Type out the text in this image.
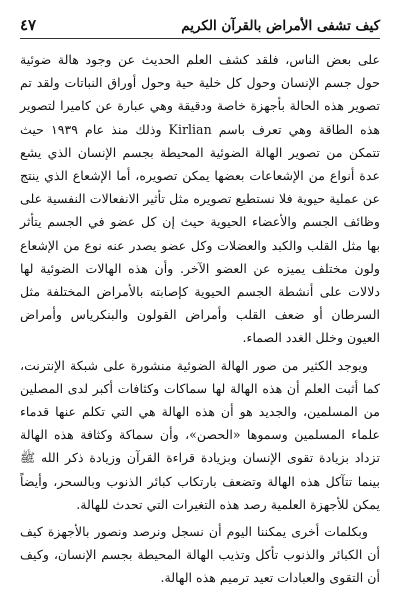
كيف تشفى الأمراض بالقرآن الكريم
٤٧

على بعض الناس، فلقد كشف العلم الحديث عن وجود هالة ضوئية حول جسم الإنسان وحول كل خلية حية وحول أوراق النباتات ولقد تم تصوير هذه الحالة بأجهزة خاصة ودقيقة وهي عبارة عن كاميرا لتصوير هذه الطاقة وهي تعرف باسم Kirlian وذلك منذ عام ١٩٣٩ حيث تتمكن من تصوير الهالة الضوئية المحيطة بجسم الإنسان الذي يشع عدة أنواع من الإشعاعات بعضها يمكن تصويره، أما الإشعاع الذي ينتج عن عملية حيوية فلا نستطيع تصويره مثل تأثير الانفعالات النفسية على وظائف الجسم والأعضاء الحيوية حيث إن كل عضو في الجسم يتأثر بها مثل القلب والكبد والعضلات وكل عضو يصدر عنه نوع من الإشعاع ولون مختلف يميزه عن العضو الآخر. وأن هذه الهالات الضوئية لها دلالات على أنشطة الجسم الحيوية كإصابته بالأمراض المختلفة مثل السرطان أو ضعف القلب وأمراض القولون والبنكرياس وأمراض العيون وخلل الغدد الصماء.

ويوجد الكثير من صور الهالة الضوئية منشورة على شبكة الإنترنت، كما أثبت العلم أن هذه الهالة لها سماكات وكثافات أكبر لدى المصلين من المسلمين، والجديد هو أن هذه الهالة هي التي تكلم عنها قدماء علماء المسلمين وسموها «الحصن»، وأن سماكة وكثافة هذه الهالة تزداد بزيادة تقوى الإنسان وبزيادة قراءة القرآن وزيادة ذكر الله ﷺ بينما تتآكل هذه الهالة وتضعف بارتكاب كبائر الذنوب وبالسحر، وأيضاً يمكن للأجهزة العلمية رصد هذه التغيرات التي تحدث للهالة.

وبكلمات أخرى يمكننا اليوم أن نسجل ونرصد ونصور بالأجهزة كيف أن الكبائر والذنوب تأكل وتذيب الهالة المحيطة بجسم الإنسان، وكيف أن التقوى والعبادات تعيد ترميم هذه الهالة.
